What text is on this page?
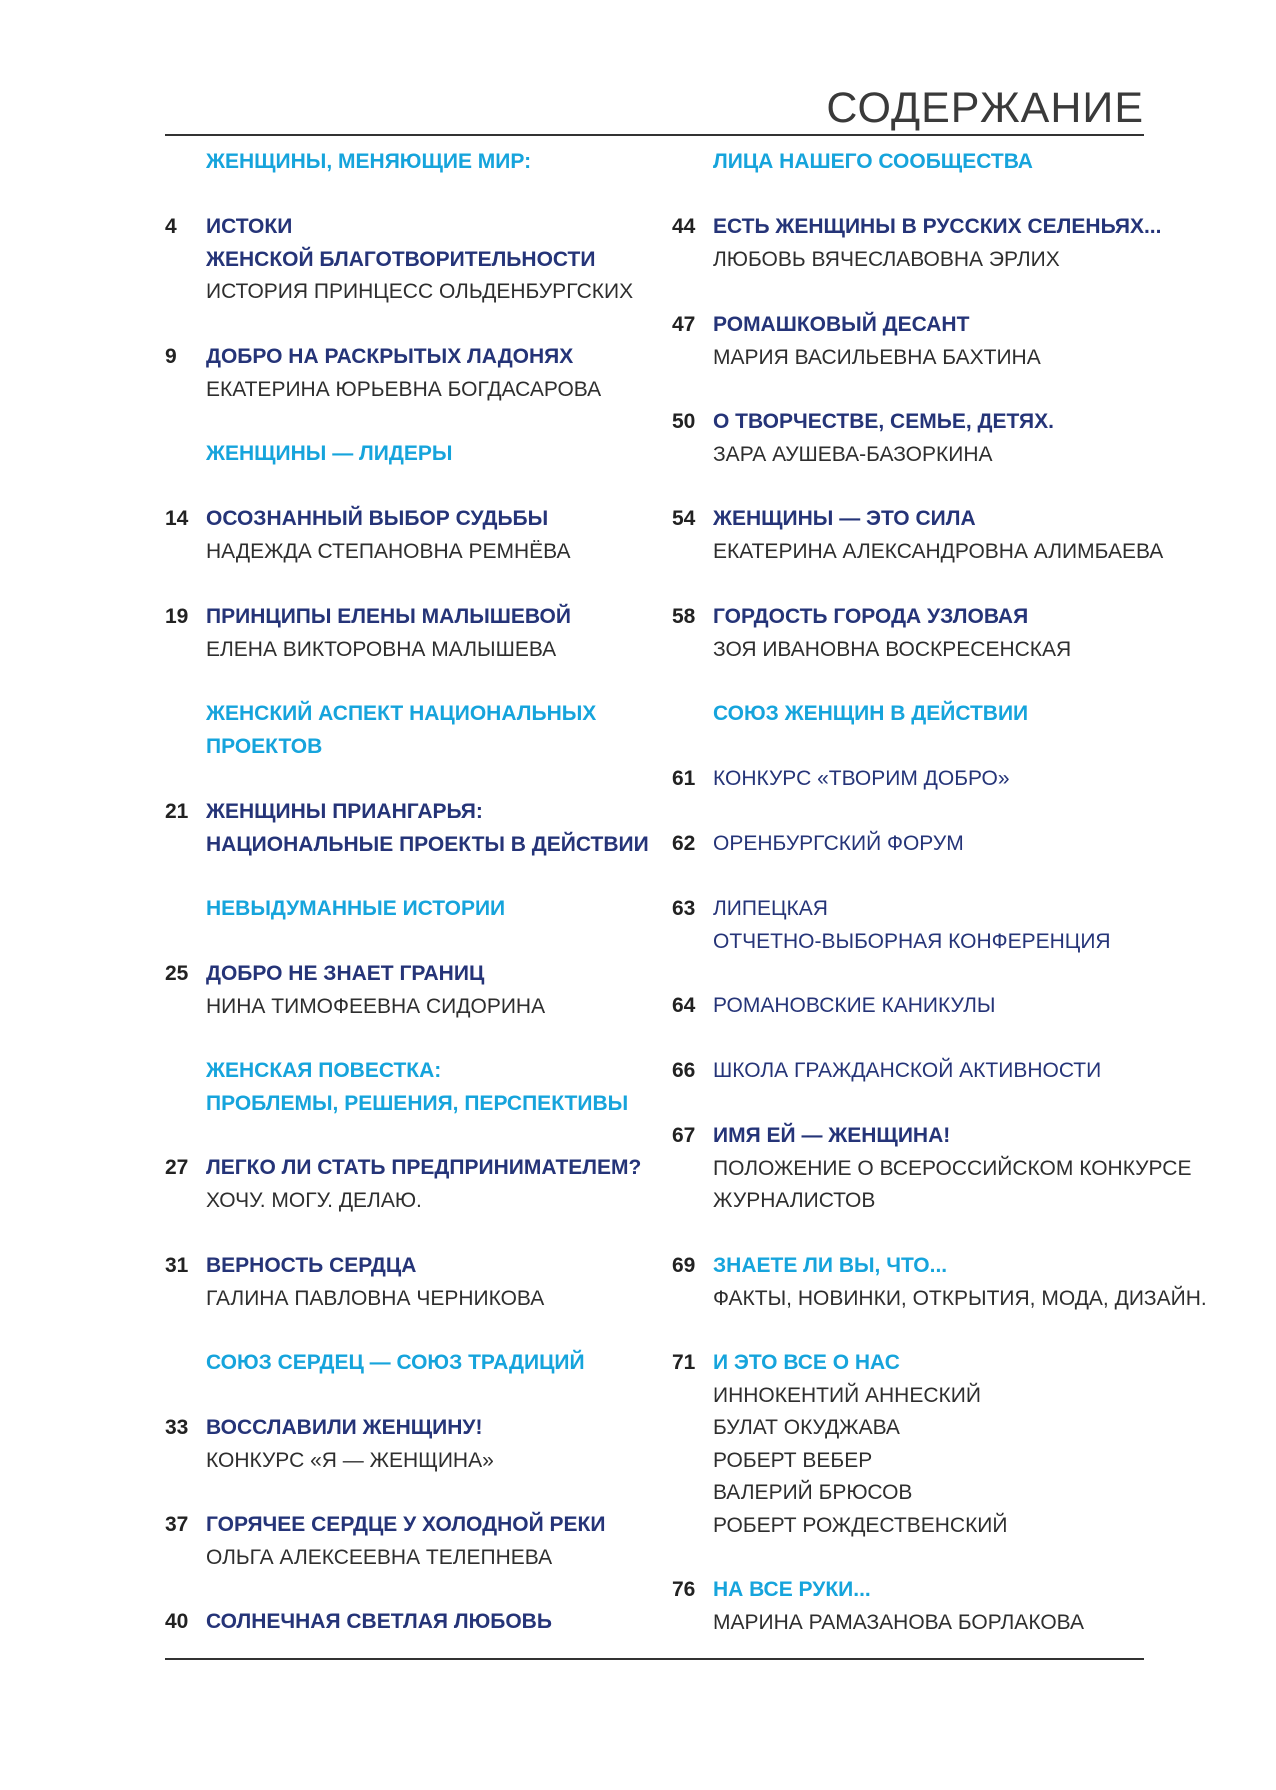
СОДЕРЖАНИЕ
ЖЕНЩИНЫ, МЕНЯЮЩИЕ МИР:
4 ИСТОКИ
ЖЕНСКОЙ БЛАГОТВОРИТЕЛЬНОСТИ
ИСТОРИЯ ПРИНЦЕСС ОЛЬДЕНБУРГСКИХ
9 ДОБРО НА РАСКРЫТЫХ ЛАДОНЯХ
ЕКАТЕРИНА ЮРЬЕВНА БОГДАСАРОВА
ЖЕНЩИНЫ — ЛИДЕРЫ
14 ОСОЗНАННЫЙ ВЫБОР СУДЬБЫ
НАДЕЖДА СТЕПАНОВНА РЕМНЁВА
19 ПРИНЦИПЫ ЕЛЕНЫ МАЛЫШЕВОЙ
ЕЛЕНА ВИКТОРОВНА МАЛЫШЕВА
ЖЕНСКИЙ АСПЕКТ НАЦИОНАЛЬНЫХ
ПРОЕКТОВ
21 ЖЕНЩИНЫ ПРИАНГАРЬЯ:
НАЦИОНАЛЬНЫЕ ПРОЕКТЫ В ДЕЙСТВИИ
НЕВЫДУМАННЫЕ ИСТОРИИ
25 ДОБРО НЕ ЗНАЕТ ГРАНИЦ
НИНА ТИМОФЕЕВНА СИДОРИНА
ЖЕНСКАЯ ПОВЕСТКА:
ПРОБЛЕМЫ, РЕШЕНИЯ, ПЕРСПЕКТИВЫ
27 ЛЕГКО ЛИ СТАТЬ ПРЕДПРИНИМАТЕЛЕМ?
ХОЧУ. МОГУ. ДЕЛАЮ.
31 ВЕРНОСТЬ СЕРДЦА
ГАЛИНА ПАВЛОВНА ЧЕРНИКОВА
СОЮЗ СЕРДЕЦ — СОЮЗ ТРАДИЦИЙ
33 ВОССЛАВИЛИ ЖЕНЩИНУ!
КОНКУРС «Я — ЖЕНЩИНА»
37 ГОРЯЧЕЕ СЕРДЦЕ У ХОЛОДНОЙ РЕКИ
ОЛЬГА АЛЕКСЕЕВНА ТЕЛЕПНЕВА
40 СОЛНЕЧНАЯ СВЕТЛАЯ ЛЮБОВЬ
ЛИЦА НАШЕГО СООБЩЕСТВА
44 ЕСТЬ ЖЕНЩИНЫ В РУССКИХ СЕЛЕНЬЯХ...
ЛЮБОВЬ ВЯЧЕСЛАВОВНА ЭРЛИХ
47 РОМАШКОВЫЙ ДЕСАНТ
МАРИЯ ВАСИЛЬЕВНА БАХТИНА
50 О ТВОРЧЕСТВЕ, СЕМЬЕ, ДЕТЯХ.
ЗАРА АУШЕВА-БАЗОРКИНА
54 ЖЕНЩИНЫ — ЭТО СИЛА
ЕКАТЕРИНА АЛЕКСАНДРОВНА АЛИМБАЕВА
58 ГОРДОСТЬ ГОРОДА УЗЛОВАЯ
ЗОЯ ИВАНОВНА ВОСКРЕСЕНСКАЯ
СОЮЗ ЖЕНЩИН В ДЕЙСТВИИ
61 КОНКУРС «ТВОРИМ ДОБРО»
62 ОРЕНБУРГСКИЙ ФОРУМ
63 ЛИПЕЦКАЯ
ОТЧЕТНО-ВЫБОРНАЯ КОНФЕРЕНЦИЯ
64 РОМАНОВСКИЕ КАНИКУЛЫ
66 ШКОЛА ГРАЖДАНСКОЙ АКТИВНОСТИ
67 ИМЯ ЕЙ — ЖЕНЩИНА!
ПОЛОЖЕНИЕ О ВСЕРОССИЙСКОМ КОНКУРСЕ
ЖУРНАЛИСТОВ
69 ЗНАЕТЕ ЛИ ВЫ, ЧТО...
ФАКТЫ, НОВИНКИ, ОТКРЫТИЯ, МОДА, ДИЗАЙН.
71 И ЭТО ВСЕ О НАС
ИННОКЕНТИЙ АННЕСКИЙ
БУЛАТ ОКУДЖАВА
РОБЕРТ ВЕБЕР
ВАЛЕРИЙ БРЮСОВ
РОБЕРТ РОЖДЕСТВЕНСКИЙ
76 НА ВСЕ РУКИ...
МАРИНА РАМАЗАНОВА БОРЛАКОВА
